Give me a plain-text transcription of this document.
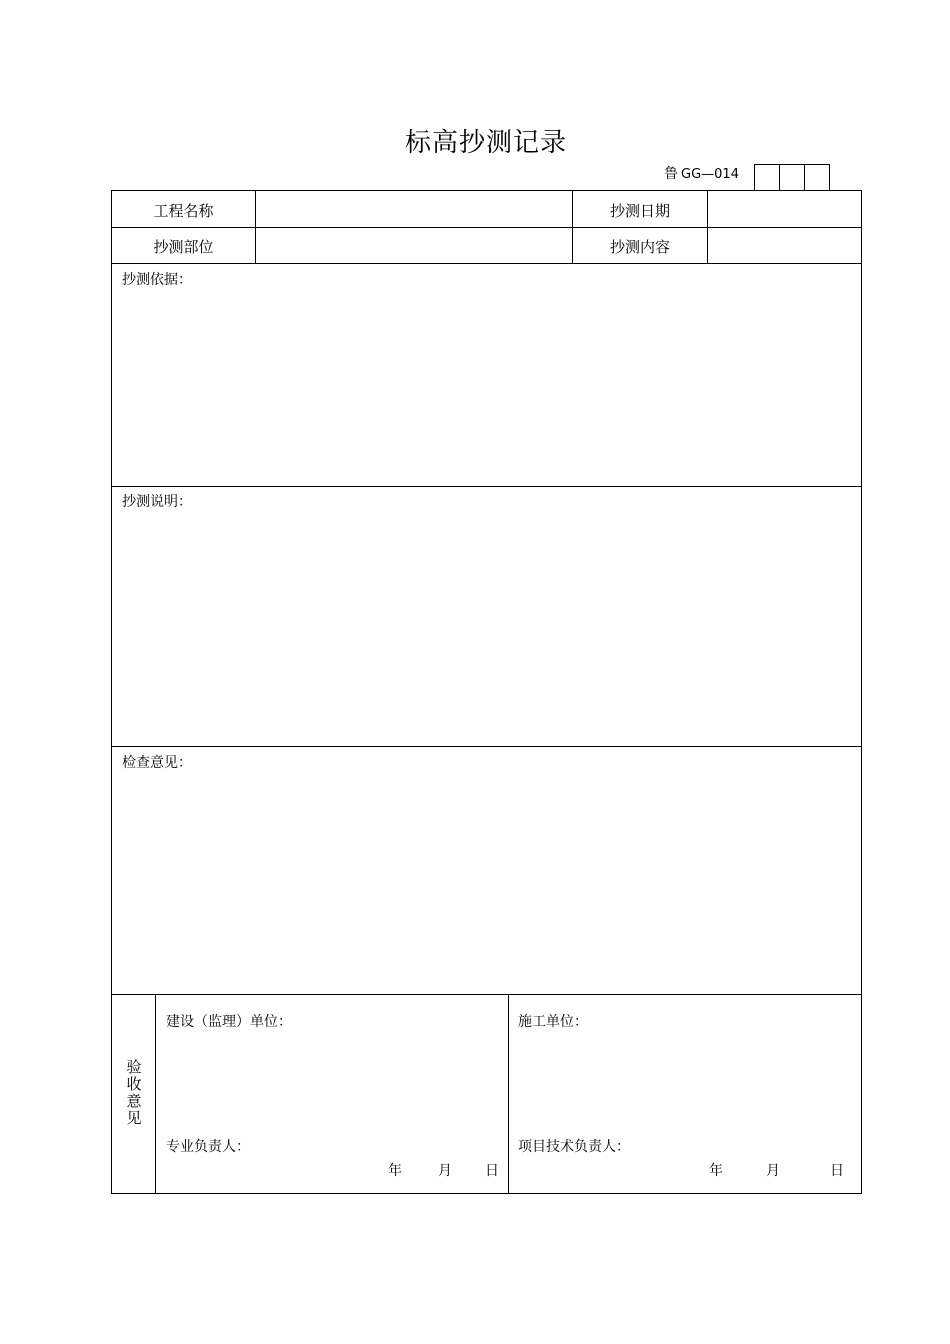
标高抄测记录
鲁 GG—014
工程名称	抄测日期
抄测部位	抄测内容
抄测依据：
抄测说明：
检查意见：
验
收
意
见
建设（监理）单位：
专业负责人：
年	月 日
施工单位：
项目技术负责人：
年	月	日
